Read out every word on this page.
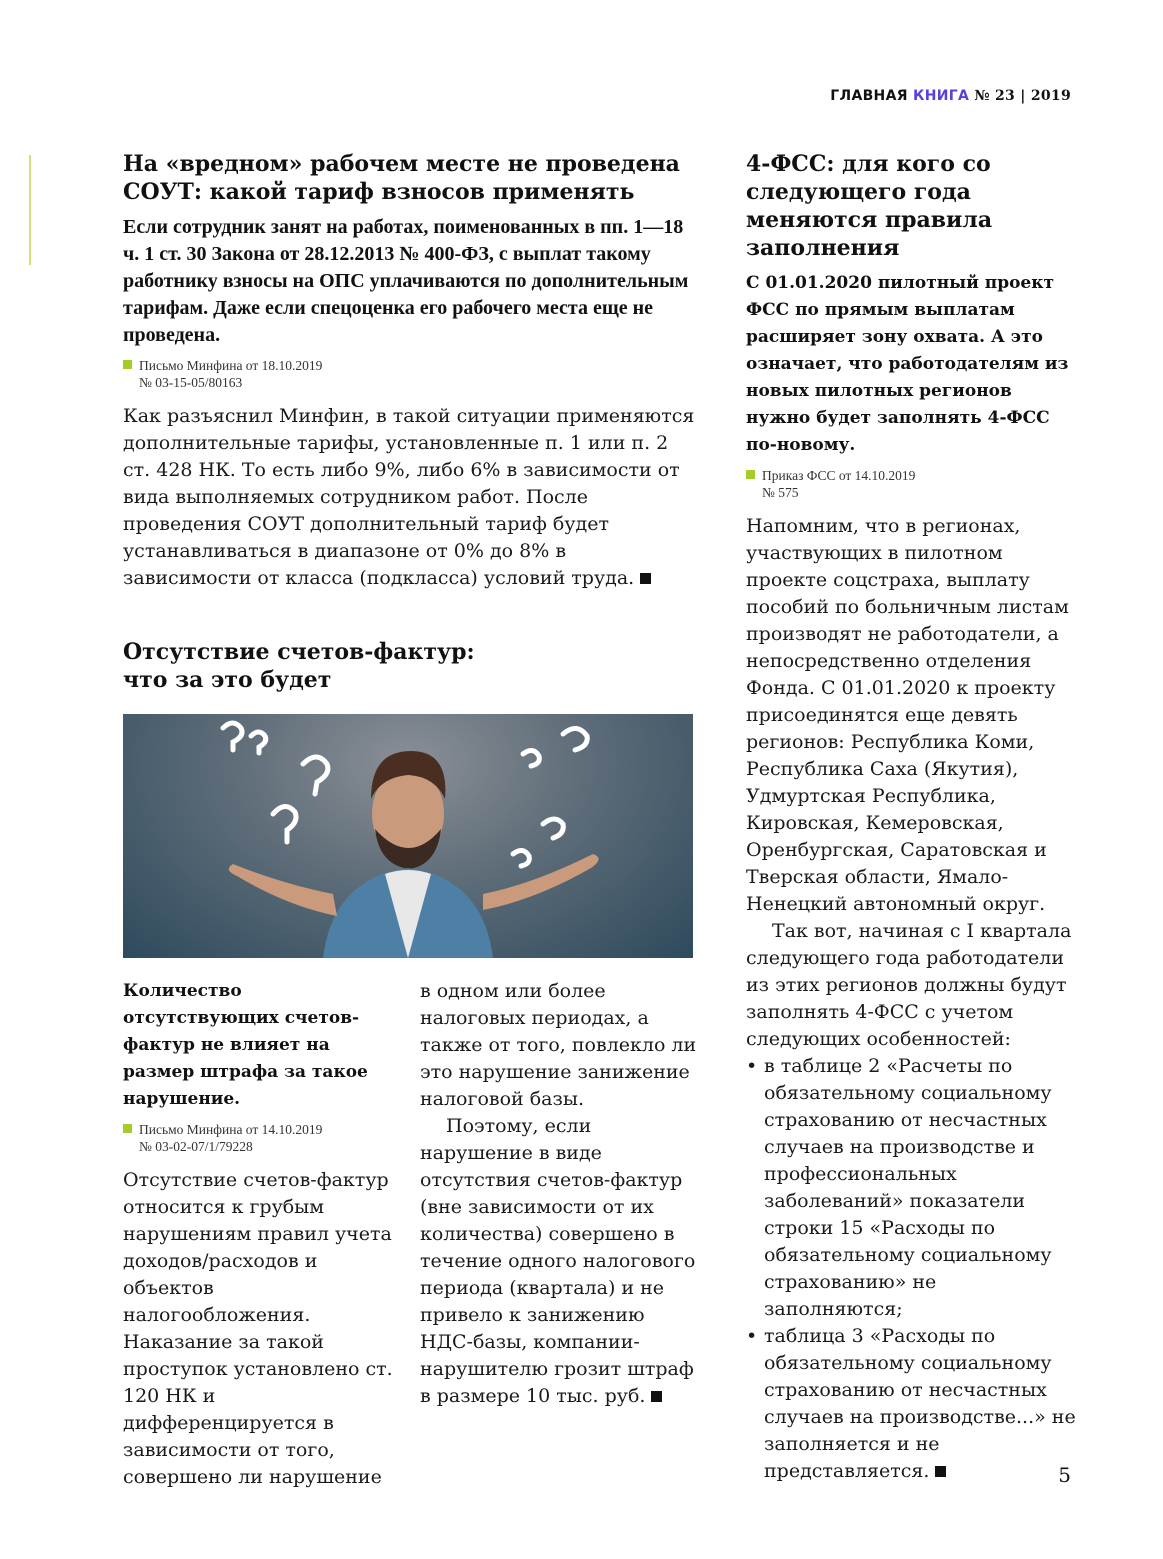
ГЛАВНАЯ КНИГА № 23 | 2019
На «вредном» рабочем месте не проведена СОУТ: какой тариф взносов применять

Если сотрудник занят на работах, поименованных в пп. 1—18 ч. 1 ст. 30 Закона от 28.12.2013 № 400-ФЗ, с выплат такому работнику взносы на ОПС уплачиваются по дополнительным тарифам. Даже если спецоценка его рабочего места еще не проведена.

Письмо Минфина от 18.10.2019
№ 03-15-05/80163

Как разъяснил Минфин, в такой ситуации применяются дополнительные тарифы, установленные п. 1 или п. 2 ст. 428 НК. То есть либо 9%, либо 6% в зависимости от вида выполняемых сотрудником работ. После проведения СОУТ дополнительный тариф будет устанавливаться в диапазоне от 0% до 8% в зависимости от класса (подкласса) условий труда.

Отсутствие счетов-фактур: что за это будет

Количество отсутствующих счетов-фактур не влияет на размер штрафа за такое нарушение.

Письмо Минфина от 14.10.2019
№ 03-02-07/1/79228

Отсутствие счетов-фактур относится к грубым нарушениям правил учета доходов/расходов и объектов налогообложения. Наказание за такой проступок установлено ст. 120 НК и дифференцируется в зависимости от того, совершено ли нарушение

в одном или более налоговых периодах, а также от того, повлекло ли это нарушение занижение налоговой базы.

Поэтому, если нарушение в виде отсутствия счетов-фактур (вне зависимости от их количества) совершено в течение одного налогового периода (квартала) и не привело к занижению НДС-базы, компании-нарушителю грозит штраф в размере 10 тыс. руб.

4-ФСС: для кого со следующего года меняются правила заполнения

С 01.01.2020 пилотный проект ФСС по прямым выплатам расширяет зону охвата. А это означает, что работодателям из новых пилотных регионов нужно будет заполнять 4-ФСС по-новому.

Приказ ФСС от 14.10.2019
№ 575

Напомним, что в регионах, участвующих в пилотном проекте соцстраха, выплату пособий по больничным листам производят не работодатели, а непосредственно отделения Фонда. С 01.01.2020 к проекту присоединятся еще девять регионов: Республика Коми, Республика Саха (Якутия), Удмуртская Республика, Кировская, Кемеровская, Оренбургская, Саратовская и Тверская области, Ямало-Ненецкий автономный округ.

Так вот, начиная с I квартала следующего года работодатели из этих регионов должны будут заполнять 4-ФСС с учетом следующих особенностей:

• в таблице 2 «Расчеты по обязательному социальному страхованию от несчастных случаев на производстве и профессиональных заболеваний» показатели строки 15 «Расходы по обязательному социальному страхованию» не заполняются;
• таблица 3 «Расходы по обязательному социальному страхованию от несчастных случаев на производстве...» не заполняется и не представляется.	5
